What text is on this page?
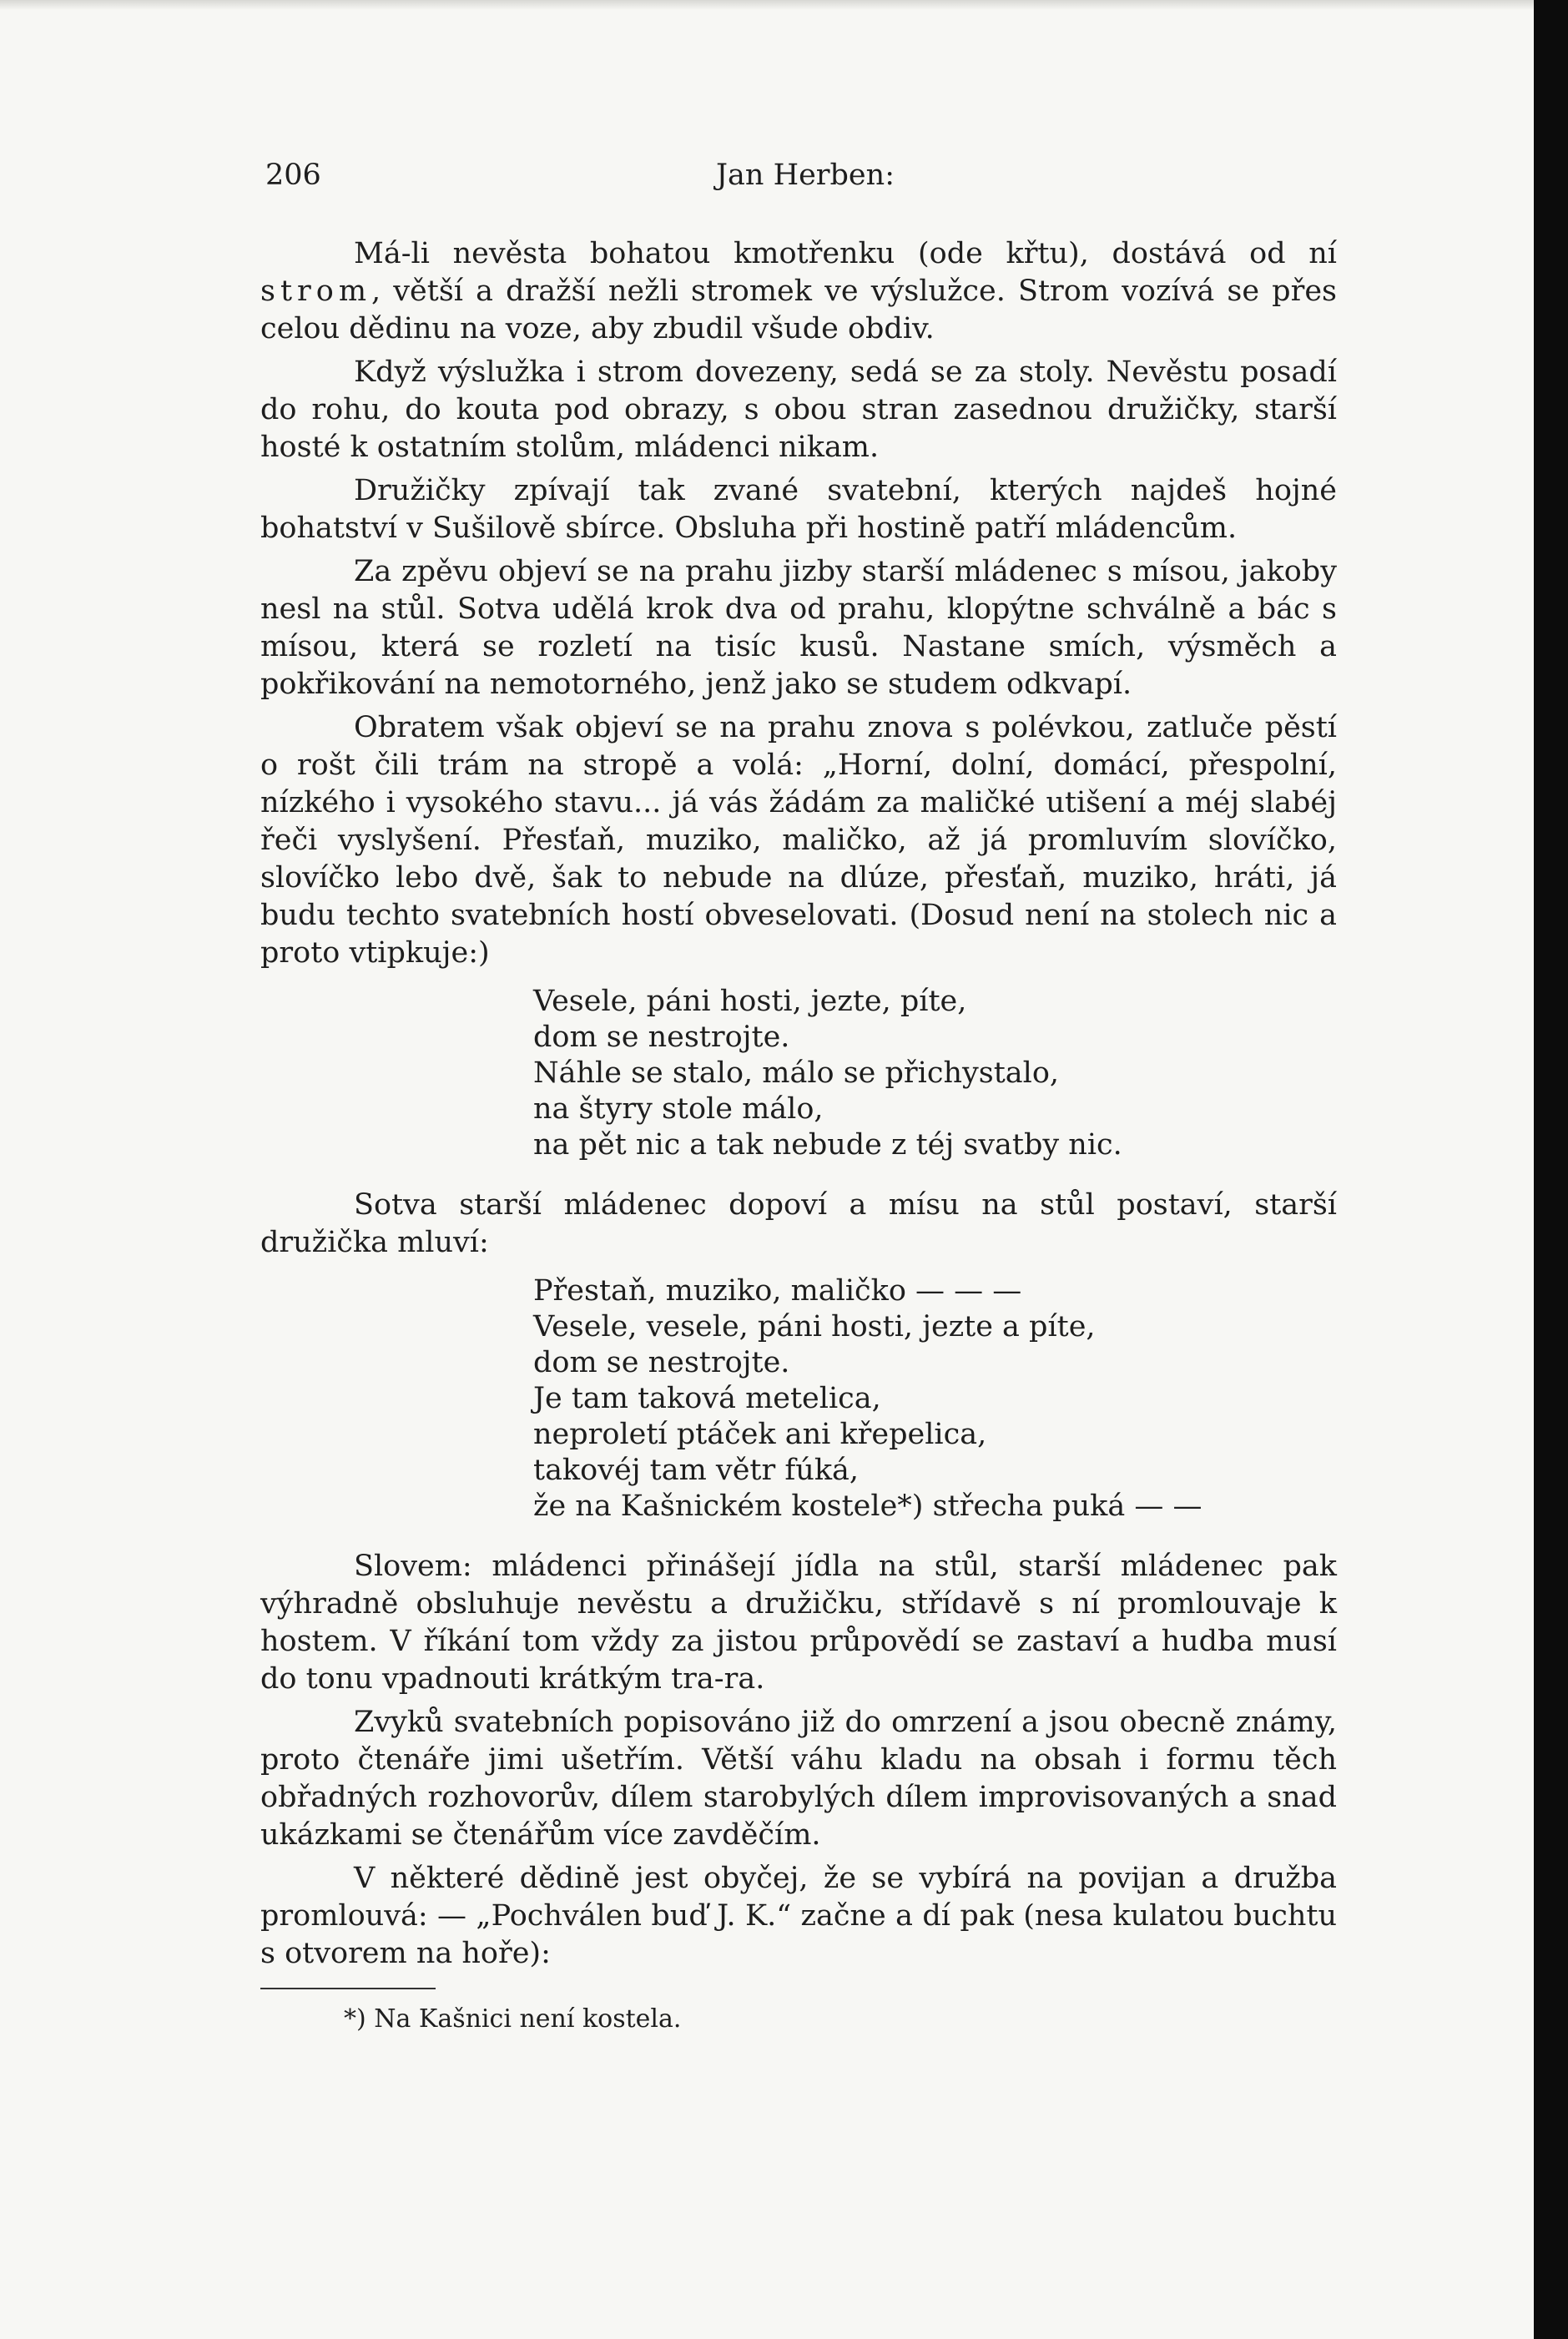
206	Jan Herben:

Má-li nevěsta bohatou kmotřenku (ode křtu), dostává od ní strom, větší a dražší nežli stromek ve výslužce. Strom vozívá se přes celou dědinu na voze, aby zbudil všude obdiv.

Když výslužka i strom dovezeny, sedá se za stoly. Nevěstu posadí do rohu, do kouta pod obrazy, s obou stran zasednou družičky, starší hosté k ostatním stolům, mládenci nikam.

Družičky zpívají tak zvané svatební, kterých najdeš hojné bohatství v Sušilově sbírce. Obsluha při hostině patří mládencům.

Za zpěvu objeví se na prahu jizby starší mládenec s mísou, jakoby nesl na stůl. Sotva udělá krok dva od prahu, klopýtne schválně a bác s mísou, která se rozletí na tisíc kusů. Nastane smích, výsměch a pokřikování na nemotorného, jenž jako se studem odkvapí.

Obratem však objeví se na prahu znova s polévkou, zatluče pěstí o rošt čili trám na stropě a volá: „Horní, dolní, domácí, přespolní, nízkého i vysokého stavu... já vás žádám za maličké utišení a méj slabéj řeči vyslyšení. Přesťaň, muziko, maličko, až já promluvím slovíčko, slovíčko lebo dvě, šak to nebude na dlúze, přesťaň, muziko, hráti, já budu techto svatebních hostí obveselovati. (Dosud není na stolech nic a proto vtipkuje:)

Vesele, páni hosti, jezte, píte,
dom se nestrojte.
Náhle se stalo, málo se přichystalo,
na štyry stole málo,
na pět nic a tak nebude z téj svatby nic.

Sotva starší mládenec dopoví a mísu na stůl postaví, starší družička mluví:

Přestaň, muziko, maličko — — —
Vesele, vesele, páni hosti, jezte a píte,
dom se nestrojte.
Je tam taková metelica,
neproletí ptáček ani křepelica,
takovéj tam větr fúká,
že na Kašnickém kostele*) střecha puká — —

Slovem: mládenci přinášejí jídla na stůl, starší mládenec pak výhradně obsluhuje nevěstu a družičku, střídavě s ní promlouvaje k hostem. V říkání tom vždy za jistou průpovědí se zastaví a hudba musí do tonu vpadnouti krátkým tra-ra.

Zvyků svatebních popisováno již do omrzení a jsou obecně známy, proto čtenáře jimi ušetřím. Větší váhu kladu na obsah i formu těch obřadných rozhovorův, dílem starobylých dílem improvisovaných a snad ukázkami se čtenářům více zavděčím.

V některé dědině jest obyčej, že se vybírá na povijan a družba promlouvá: — „Pochválen buď J. K.“ začne a dí pak (nesa kulatou buchtu s otvorem na hoře):

*) Na Kašnici není kostela.
